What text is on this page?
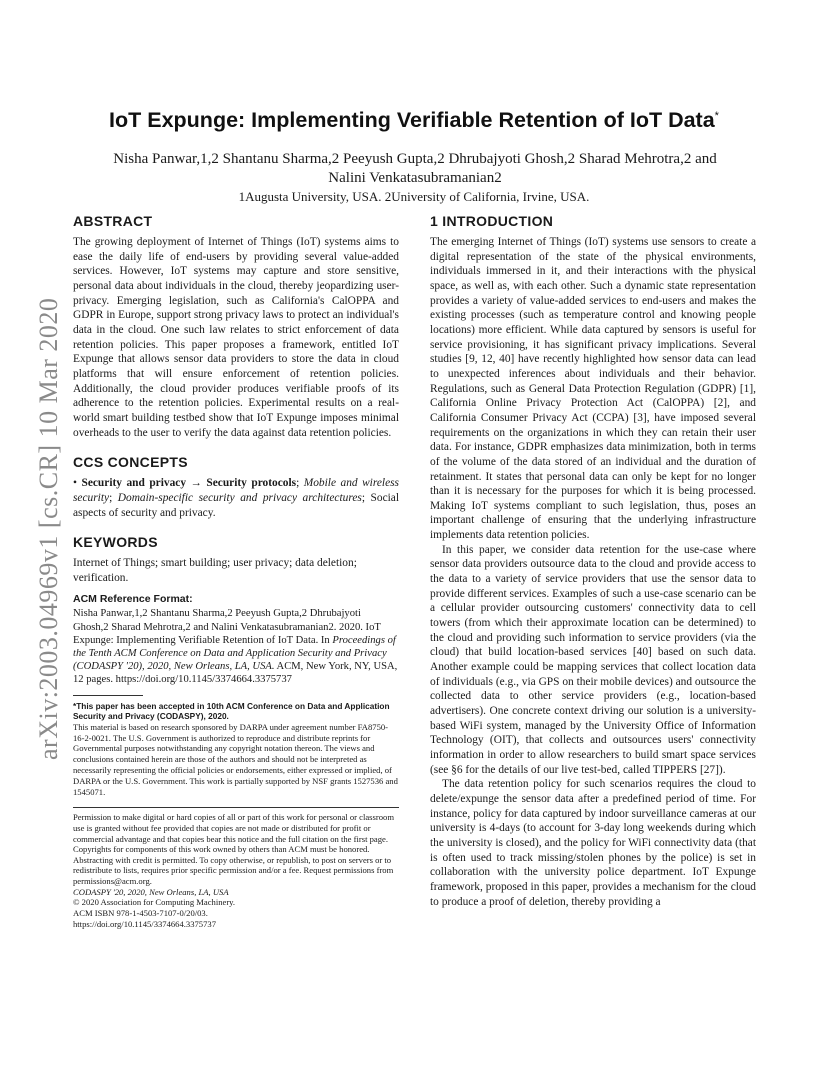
arXiv:2003.04969v1 [cs.CR] 10 Mar 2020
IoT Expunge: Implementing Verifiable Retention of IoT Data*
Nisha Panwar,1,2 Shantanu Sharma,2 Peeyush Gupta,2 Dhrubajyoti Ghosh,2 Sharad Mehrotra,2 and
Nalini Venkatasubramanian2
1Augusta University, USA. 2University of California, Irvine, USA.
ABSTRACT

The growing deployment of Internet of Things (IoT) systems aims to ease the daily life of end-users by providing several value-added services. However, IoT systems may capture and store sensitive, personal data about individuals in the cloud, thereby jeopardizing user-privacy. Emerging legislation, such as California's CalOPPA and GDPR in Europe, support strong privacy laws to protect an individual's data in the cloud. One such law relates to strict enforcement of data retention policies. This paper proposes a framework, entitled IoT Expunge that allows sensor data providers to store the data in cloud platforms that will ensure enforcement of retention policies. Additionally, the cloud provider produces verifiable proofs of its adherence to the retention policies. Experimental results on a real-world smart building testbed show that IoT Expunge imposes minimal overheads to the user to verify the data against data retention policies.

CCS CONCEPTS

• Security and privacy → Security protocols; Mobile and wireless security; Domain-specific security and privacy architectures; Social aspects of security and privacy.

KEYWORDS

Internet of Things; smart building; user privacy; data deletion; verification.

ACM Reference Format:

Nisha Panwar,1,2 Shantanu Sharma,2 Peeyush Gupta,2 Dhrubajyoti Ghosh,2 Sharad Mehrotra,2 and Nalini Venkatasubramanian2. 2020. IoT Expunge: Implementing Verifiable Retention of IoT Data. In Proceedings of the Tenth ACM Conference on Data and Application Security and Privacy (CODASPY '20), 2020, New Orleans, LA, USA. ACM, New York, NY, USA, 12 pages. https://doi.org/10.1145/3374664.3375737

*This paper has been accepted in 10th ACM Conference on Data and Application Security and Privacy (CODASPY), 2020.

This material is based on research sponsored by DARPA under agreement number FA8750-16-2-0021. The U.S. Government is authorized to reproduce and distribute reprints for Governmental purposes notwithstanding any copyright notation thereon. The views and conclusions contained herein are those of the authors and should not be interpreted as necessarily representing the official policies or endorsements, either expressed or implied, of DARPA or the U.S. Government. This work is partially supported by NSF grants 1527536 and 1545071.

Permission to make digital or hard copies of all or part of this work for personal or classroom use is granted without fee provided that copies are not made or distributed for profit or commercial advantage and that copies bear this notice and the full citation on the first page. Copyrights for components of this work owned by others than ACM must be honored. Abstracting with credit is permitted. To copy otherwise, or republish, to post on servers or to redistribute to lists, requires prior specific permission and/or a fee. Request permissions from permissions@acm.org.

CODASPY '20, 2020, New Orleans, LA, USA

© 2020 Association for Computing Machinery.

ACM ISBN 978-1-4503-7107-0/20/03.

https://doi.org/10.1145/3374664.3375737

1 INTRODUCTION

The emerging Internet of Things (IoT) systems use sensors to create a digital representation of the state of the physical environments, individuals immersed in it, and their interactions with the physical space, as well as, with each other. Such a dynamic state representation provides a variety of value-added services to end-users and makes the existing processes (such as temperature control and knowing people locations) more efficient. While data captured by sensors is useful for service provisioning, it has significant privacy implications. Several studies [9, 12, 40] have recently highlighted how sensor data can lead to unexpected inferences about individuals and their behavior. Regulations, such as General Data Protection Regulation (GDPR) [1], California Online Privacy Protection Act (CalOPPA) [2], and California Consumer Privacy Act (CCPA) [3], have imposed several requirements on the organizations in which they can retain their user data. For instance, GDPR emphasizes data minimization, both in terms of the volume of the data stored of an individual and the duration of retainment. It states that personal data can only be kept for no longer than it is necessary for the purposes for which it is being processed. Making IoT systems compliant to such legislation, thus, poses an important challenge of ensuring that the underlying infrastructure implements data retention policies.

In this paper, we consider data retention for the use-case where sensor data providers outsource data to the cloud and provide access to the data to a variety of service providers that use the sensor data to provide different services. Examples of such a use-case scenario can be a cellular provider outsourcing customers' connectivity data to cell towers (from which their approximate location can be determined) to the cloud and providing such information to service providers (via the cloud) that build location-based services [40] based on such data. Another example could be mapping services that collect location data of individuals (e.g., via GPS on their mobile devices) and outsource the collected data to other service providers (e.g., location-based advertisers). One concrete context driving our solution is a university-based WiFi system, managed by the University Office of Information Technology (OIT), that collects and outsources users' connectivity information in order to allow researchers to build smart space services (see §6 for the details of our live test-bed, called TIPPERS [27]).

The data retention policy for such scenarios requires the cloud to delete/expunge the sensor data after a predefined period of time. For instance, policy for data captured by indoor surveillance cameras at our university is 4-days (to account for 3-day long weekends during which the university is closed), and the policy for WiFi connectivity data (that is often used to track missing/stolen phones by the police) is set in collaboration with the university police department. IoT Expunge framework, proposed in this paper, provides a mechanism for the cloud to produce a proof of deletion, thereby providing a
